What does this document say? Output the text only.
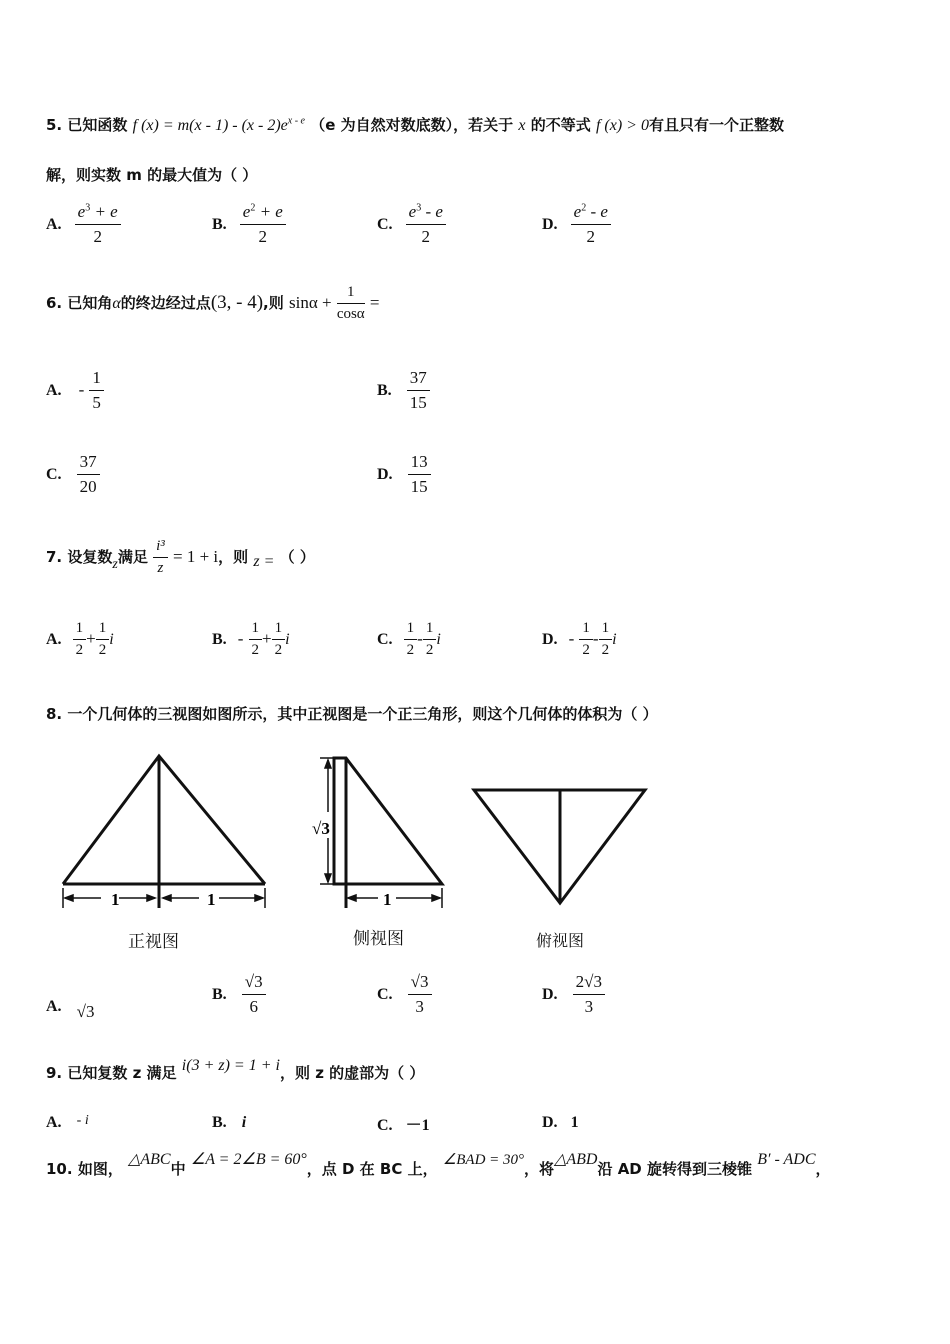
5. 已知函数 f $(x) = m(x - 1) - (x - 2)e^{x - e}$ （e 为自然对数底数），若关于 x 的不等式 f (x) > 0有且只有一个正整数
解，则实数 m 的最大值为（ ）
A. $\frac{e^3 + e}{2}$	B. $\frac{e^2 + e}{2}$	C. $\frac{e^3 - e}{2}$	D. $\frac{e^2 - e}{2}$
6. 已知角α的终边经过点(3, - 4),则 $\sin\alpha + \frac{1}{\cos\alpha}$ =
A. - $\frac{1}{5}$	B. $\frac{37}{15}$
C. $\frac{37}{20}$	D. $\frac{13}{15}$
7. 设复数z满足 $\frac{\text{i³}}{z} = 1 + i$，则 z = （ ）
A. $\frac{1}{2} + \frac{1}{2}$ i	B. - $\frac{1}{2} + \frac{1}{2}$ i	C. $\frac{1}{2} - \frac{1}{2}$ i	D. - $\frac{1}{2} - \frac{1}{2}$ i
8. 一个几何体的三视图如图所示，其中正视图是一个正三角形，则这个几何体的体积为（ ）
1	1
正视图
√3
1
侧视图	俯视图
A. √3
B. $\frac{√3}{6}$	C. $\frac{√3}{3}$	D. $\frac{2√3}{3}$
9. 已知复数 z 满足 i(3 + z) = 1 + i，则 z 的虚部为（ ）
A. - i	B. i	C. －1	D. 1
10. 如图， △ABC中 ∠A = 2∠B = 60°，点 D 在 BC 上， ∠BAD = 30°，将△ABD沿 AD 旋转得到三棱锥 B′ - ADC，
